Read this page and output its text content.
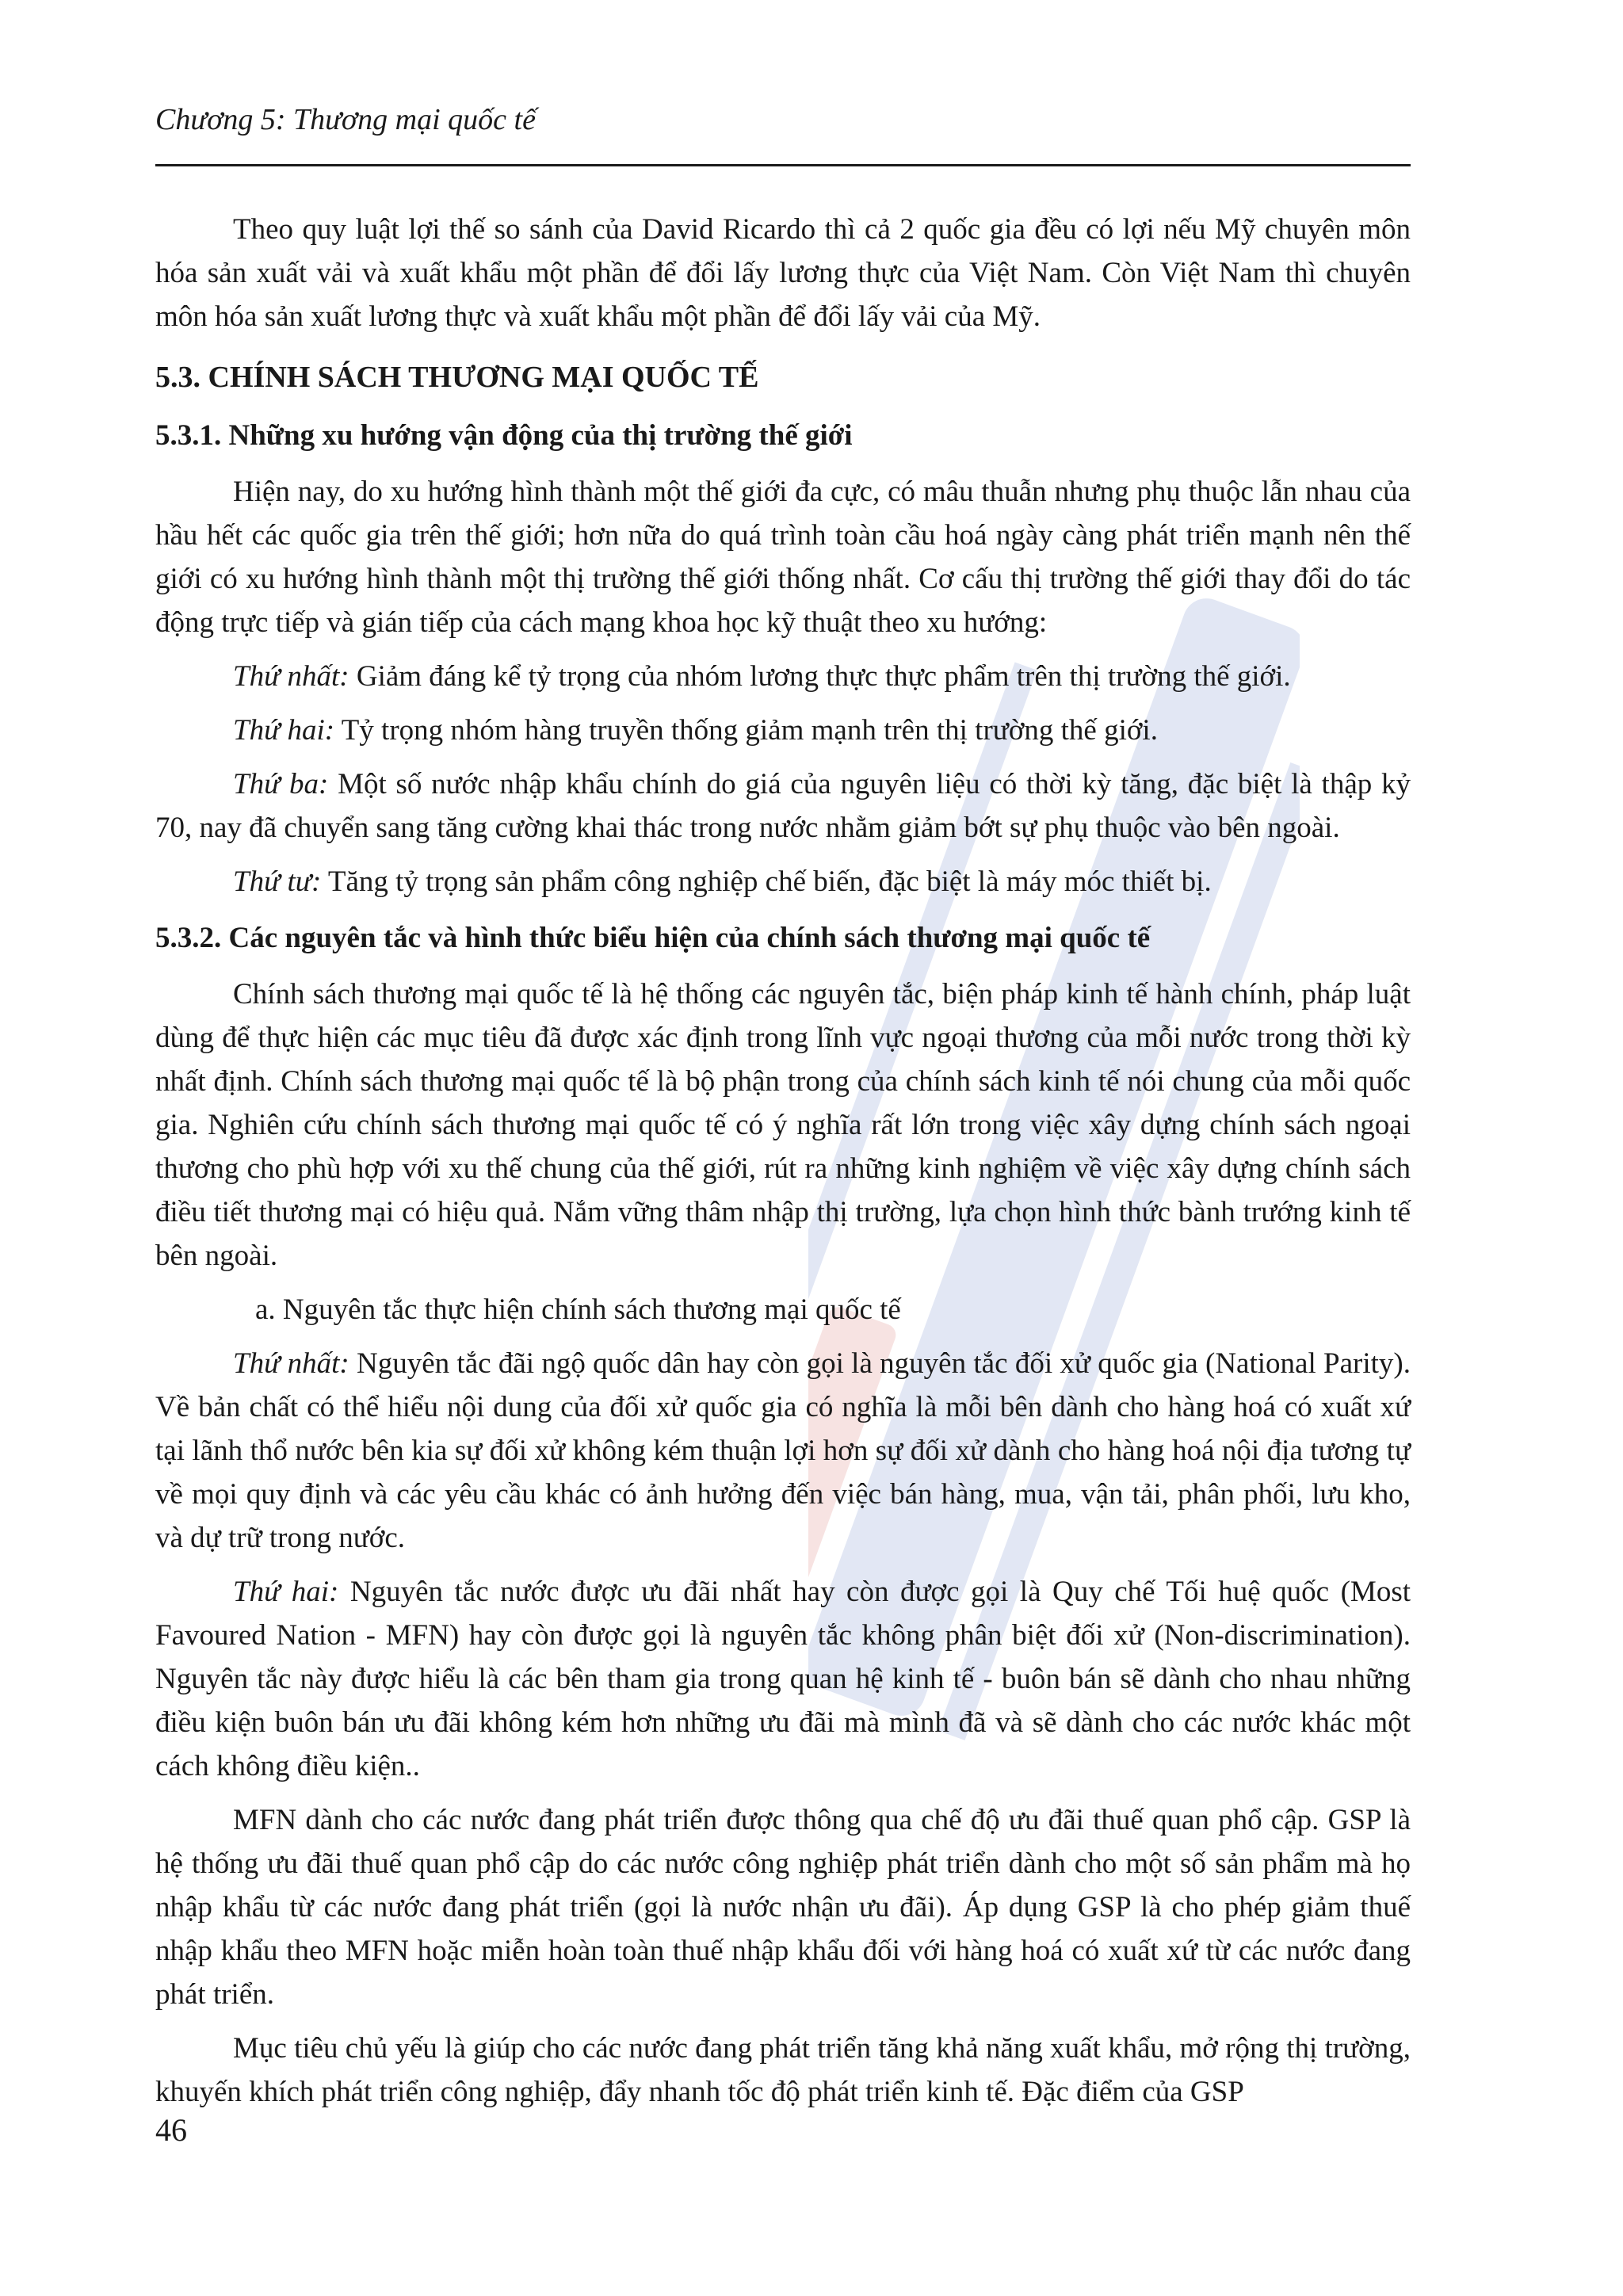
Chương 5: Thương mại quốc tế

Theo quy luật lợi thế so sánh của David Ricardo thì cả 2 quốc gia đều có lợi nếu Mỹ chuyên môn hóa sản xuất vải và xuất khẩu một phần để đổi lấy lương thực của Việt Nam. Còn Việt Nam thì chuyên môn hóa sản xuất lương thực và xuất khẩu một phần để đổi lấy vải của Mỹ.

5.3. CHÍNH SÁCH THƯƠNG MẠI QUỐC TẾ
5.3.1. Những xu hướng vận động của thị trường thế giới

Hiện nay, do xu hướng hình thành một thế giới đa cực, có mâu thuẫn nhưng phụ thuộc lẫn nhau của hầu hết các quốc gia trên thế giới; hơn nữa do quá trình toàn cầu hoá ngày càng phát triển mạnh nên thế giới có xu hướng hình thành một thị trường thế giới thống nhất. Cơ cấu thị trường thế giới thay đổi do tác động trực tiếp và gián tiếp của cách mạng khoa học kỹ thuật theo xu hướng:

Thứ nhất: Giảm đáng kể tỷ trọng của nhóm lương thực thực phẩm trên thị trường thế giới.

Thứ hai: Tỷ trọng nhóm hàng truyền thống giảm mạnh trên thị trường thế giới.

Thứ ba: Một số nước nhập khẩu chính do giá của nguyên liệu có thời kỳ tăng, đặc biệt là thập kỷ 70, nay đã chuyển sang tăng cường khai thác trong nước nhằm giảm bớt sự phụ thuộc vào bên ngoài.

Thứ tư: Tăng tỷ trọng sản phẩm công nghiệp chế biến, đặc biệt là máy móc thiết bị.

5.3.2. Các nguyên tắc và hình thức biểu hiện của chính sách thương mại quốc tế

Chính sách thương mại quốc tế là hệ thống các nguyên tắc, biện pháp kinh tế hành chính, pháp luật dùng để thực hiện các mục tiêu đã được xác định trong lĩnh vực ngoại thương của mỗi nước trong thời kỳ nhất định. Chính sách thương mại quốc tế là bộ phận trong của chính sách kinh tế nói chung của mỗi quốc gia. Nghiên cứu chính sách thương mại quốc tế có ý nghĩa rất lớn trong việc xây dựng chính sách ngoại thương cho phù hợp với xu thế chung của thế giới, rút ra những kinh nghiệm về việc xây dựng chính sách điều tiết thương mại có hiệu quả. Nắm vững thâm nhập thị trường, lựa chọn hình thức bành trướng kinh tế bên ngoài.

a. Nguyên tắc thực hiện chính sách thương mại quốc tế

Thứ nhất: Nguyên tắc đãi ngộ quốc dân hay còn gọi là nguyên tắc đối xử quốc gia (National Parity). Về bản chất có thể hiểu nội dung của đối xử quốc gia có nghĩa là mỗi bên dành cho hàng hoá có xuất xứ tại lãnh thổ nước bên kia sự đối xử không kém thuận lợi hơn sự đối xử dành cho hàng hoá nội địa tương tự về mọi quy định và các yêu cầu khác có ảnh hưởng đến việc bán hàng, mua, vận tải, phân phối, lưu kho, và dự trữ trong nước.

Thứ hai: Nguyên tắc nước được ưu đãi nhất hay còn được gọi là Quy chế Tối huệ quốc (Most Favoured Nation - MFN) hay còn được gọi là nguyên tắc không phân biệt đối xử (Non-discrimination). Nguyên tắc này được hiểu là các bên tham gia trong quan hệ kinh tế - buôn bán sẽ dành cho nhau những điều kiện buôn bán ưu đãi không kém hơn những ưu đãi mà mình đã và sẽ dành cho các nước khác một cách không điều kiện..

MFN dành cho các nước đang phát triển được thông qua chế độ ưu đãi thuế quan phổ cập. GSP là hệ thống ưu đãi thuế quan phổ cập do các nước công nghiệp phát triển dành cho một số sản phẩm mà họ nhập khẩu từ các nước đang phát triển (gọi là nước nhận ưu đãi). Áp dụng GSP là cho phép giảm thuế nhập khẩu theo MFN hoặc miễn hoàn toàn thuế nhập khẩu đối với hàng hoá có xuất xứ từ các nước đang phát triển.

Mục tiêu chủ yếu là giúp cho các nước đang phát triển tăng khả năng xuất khẩu, mở rộng thị trường, khuyến khích phát triển công nghiệp, đẩy nhanh tốc độ phát triển kinh tế. Đặc điểm của GSP

46
